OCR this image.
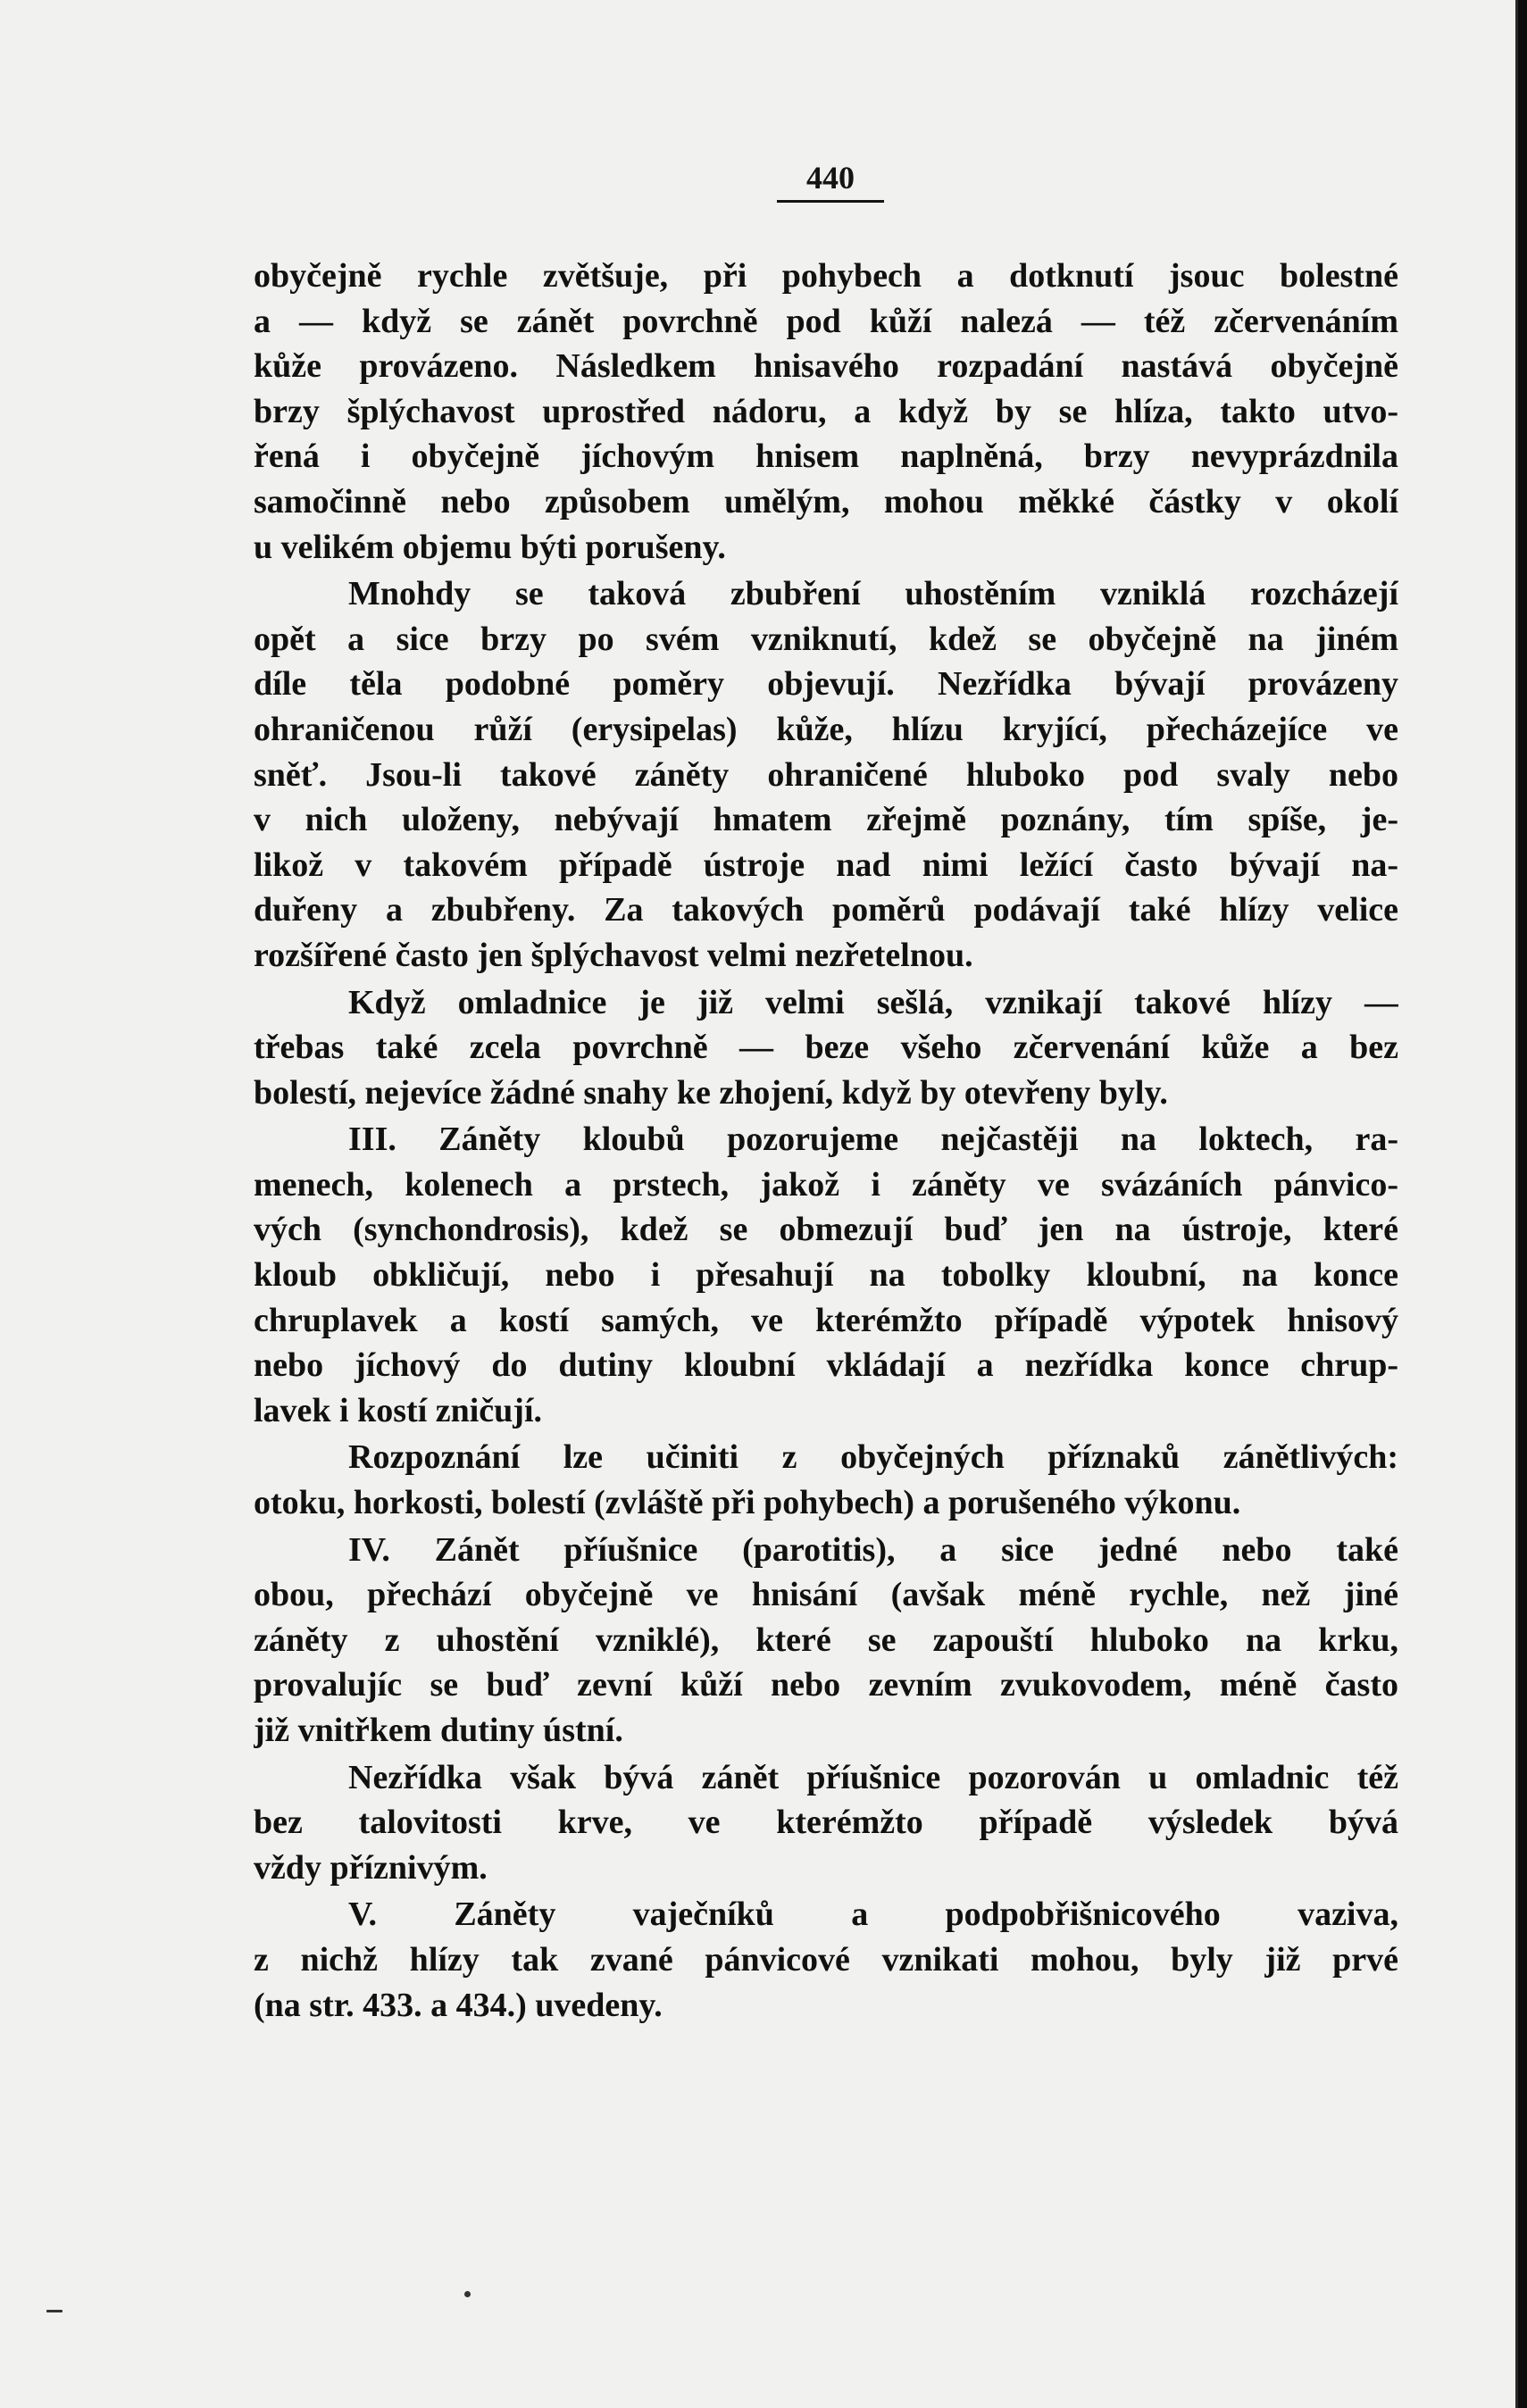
440
obyčejně rychle zvětšuje, při pohybech a dotknutí jsouc bolestné
a — když se zánět povrchně pod kůží nalezá — též zčervenáním
kůže provázeno. Následkem hnisavého rozpadání nastává obyčejně
brzy šplýchavost uprostřed nádoru, a když by se hlíza, takto utvo-
řená i obyčejně jíchovým hnisem naplněná, brzy nevyprázdnila
samočinně nebo způsobem umělým, mohou měkké částky v okolí
u velikém objemu býti porušeny.
Mnohdy se taková zbubření uhostěním vzniklá rozcházejí
opět a sice brzy po svém vzniknutí, kdež se obyčejně na jiném
díle těla podobné poměry objevují. Nezřídka bývají provázeny
ohraničenou růží (erysipelas) kůže, hlízu kryjící, přecházejíce ve
sněť. Jsou-li takové záněty ohraničené hluboko pod svaly nebo
v nich uloženy, nebývají hmatem zřejmě poznány, tím spíše, je-
likož v takovém případě ústroje nad nimi ležící často bývají na-
duřeny a zbubřeny. Za takových poměrů podávají také hlízy velice
rozšířené často jen šplýchavost velmi nezřetelnou.
Když omladnice je již velmi sešlá, vznikají takové hlízy —
třebas také zcela povrchně — beze všeho zčervenání kůže a bez
bolestí, nejevíce žádné snahy ke zhojení, když by otevřeny byly.
III. Záněty kloubů pozorujeme nejčastěji na loktech, ra-
menech, kolenech a prstech, jakož i záněty ve svázáních pánvico-
vých (synchondrosis), kdež se obmezují buď jen na ústroje, které
kloub obkličují, nebo i přesahují na tobolky kloubní, na konce
chruplavek a kostí samých, ve kterémžto případě výpotek hnisový
nebo jíchový do dutiny kloubní vkládají a nezřídka konce chrup-
lavek i kostí zničují.
Rozpoznání lze učiniti z obyčejných příznaků zánětlivých:
otoku, horkosti, bolestí (zvláště při pohybech) a porušeného výkonu.
IV. Zánět příušnice (parotitis), a sice jedné nebo také
obou, přechází obyčejně ve hnisání (avšak méně rychle, než jiné
záněty z uhostění vzniklé), které se zapouští hluboko na krku,
provalujíc se buď zevní kůží nebo zevním zvukovodem, méně často
již vnitřkem dutiny ústní.
Nezřídka však bývá zánět příušnice pozorován u omladnic též
bez talovitosti krve, ve kterémžto případě výsledek bývá
vždy příznivým.
V. Záněty vaječníků a podpobřišnicového vaziva,
z nichž hlízy tak zvané pánvicové vznikati mohou, byly již prvé
(na str. 433. a 434.) uvedeny.
